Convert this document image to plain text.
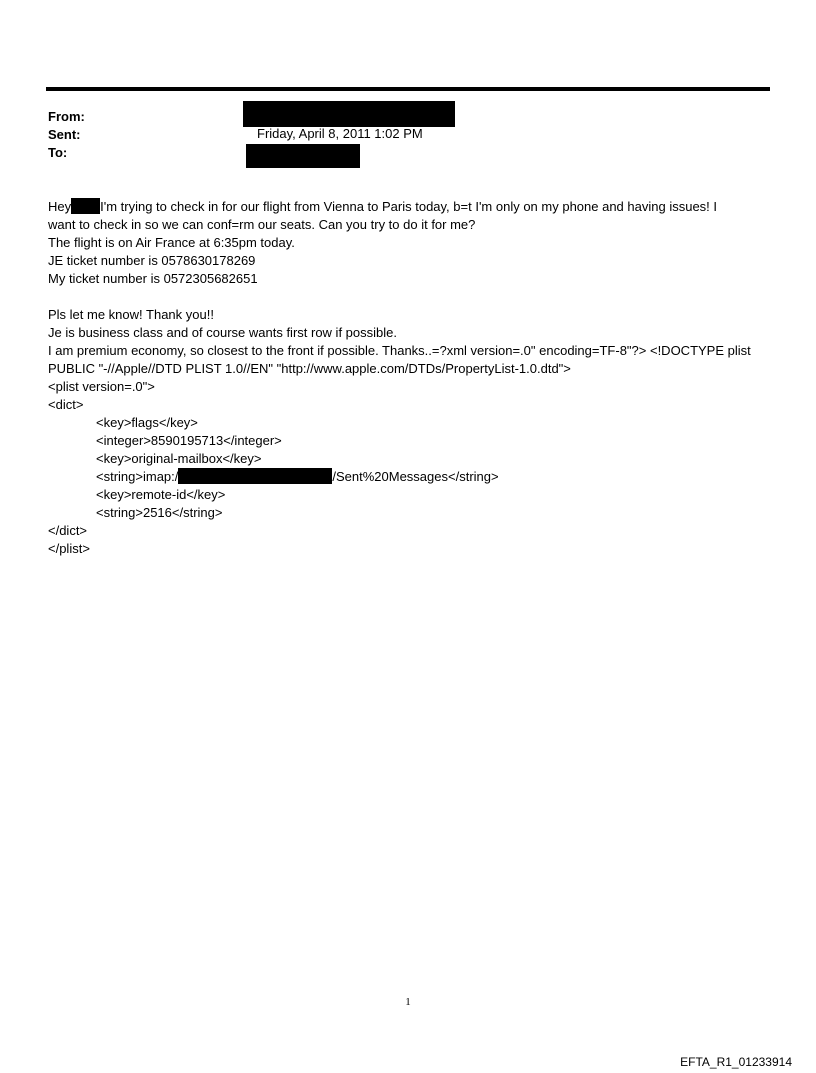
From:
Sent:	Friday, April 8, 2011 1:02 PM
To:
Hey I'm trying to check in for our flight from Vienna to Paris today, b=t I'm only on my phone and having issues! I
want to check in so we can conf=rm our seats. Can you try to do it for me?
The flight is on Air France at 6:35pm today.
JE ticket number is 0578630178269
My ticket number is 0572305682651
Pls let me know! Thank you!!
Je is business class and of course wants first row if possible.
I am premium economy, so closest to the front if possible. Thanks..=?xml version=.0" encoding=TF-8"?> <!DOCTYPE plist
PUBLIC "-//Apple//DTD PLIST 1.0//EN" "http://www.apple.com/DTDs/PropertyList-1.0.dtd">
<plist version=.0">
<dict>
<key>flags</key>
<integer>8590195713</integer>
<key>original-mailbox</key>
<string>imap:/	/Sent%20Messages</string>
<key>remote-id</key>
<string>2516</string>
</dict>
</plist>
1
EFTA_R1_01233914
